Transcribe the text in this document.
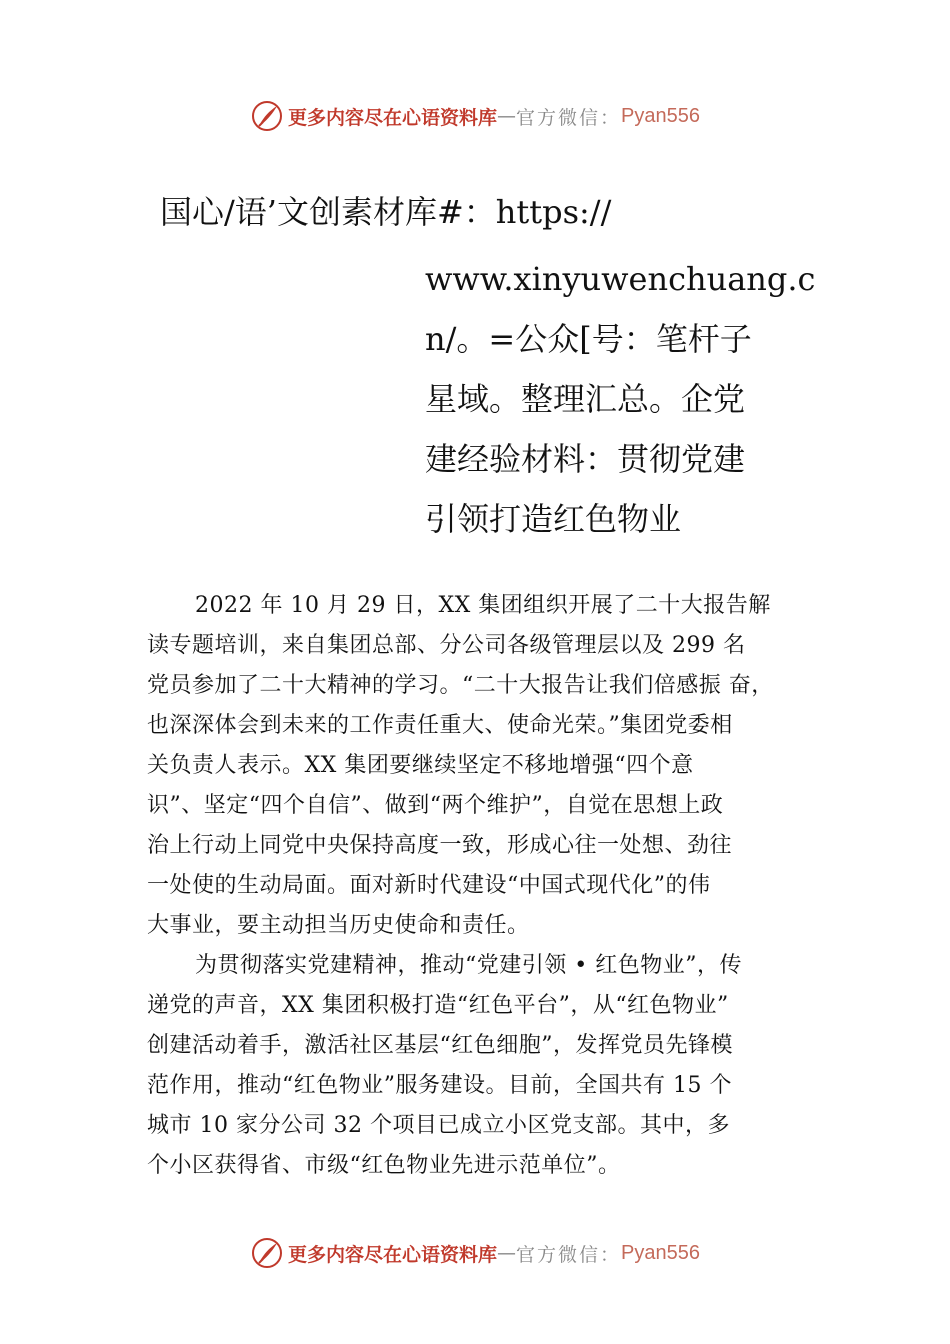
更多内容尽在心语资料库 — 官方微信： Pyan556
国心/语’文创素材库#：https://
www.xinyuwenchuang.c
n/。=公众[号：笔杆子
星域。整理汇总。企党
建经验材料：贯彻党建
引领打造红色物业
2022 年 10 月 29 日，XX 集团组织开展了二十大报告解
读专题培训，来自集团总部、分公司各级管理层以及 299 名
党员参加了二十大精神的学习。“二十大报告让我们倍感振 奋，
也深深体会到未来的工作责任重大、使命光荣。”集团党委相
关负责人表示。XX 集团要继续坚定不移地增强“四个意
识”、坚定“四个自信”、做到“两个维护”，自觉在思想上政
治上行动上同党中央保持高度一致，形成心往一处想、劲往
一处使的生动局面。面对新时代建设“中国式现代化”的伟
大事业，要主动担当历史使命和责任。
为贯彻落实党建精神，推动“党建引领 • 红色物业”，传
递党的声音，XX 集团积极打造“红色平台”，从“红色物业”
创建活动着手，激活社区基层“红色细胞”，发挥党员先锋模
范作用，推动“红色物业”服务建设。目前，全国共有 15 个
城市 10 家分公司 32 个项目已成立小区党支部。其中，多
个小区获得省、市级“红色物业先进示范单位”。
更多内容尽在心语资料库 — 官方微信： Pyan556
